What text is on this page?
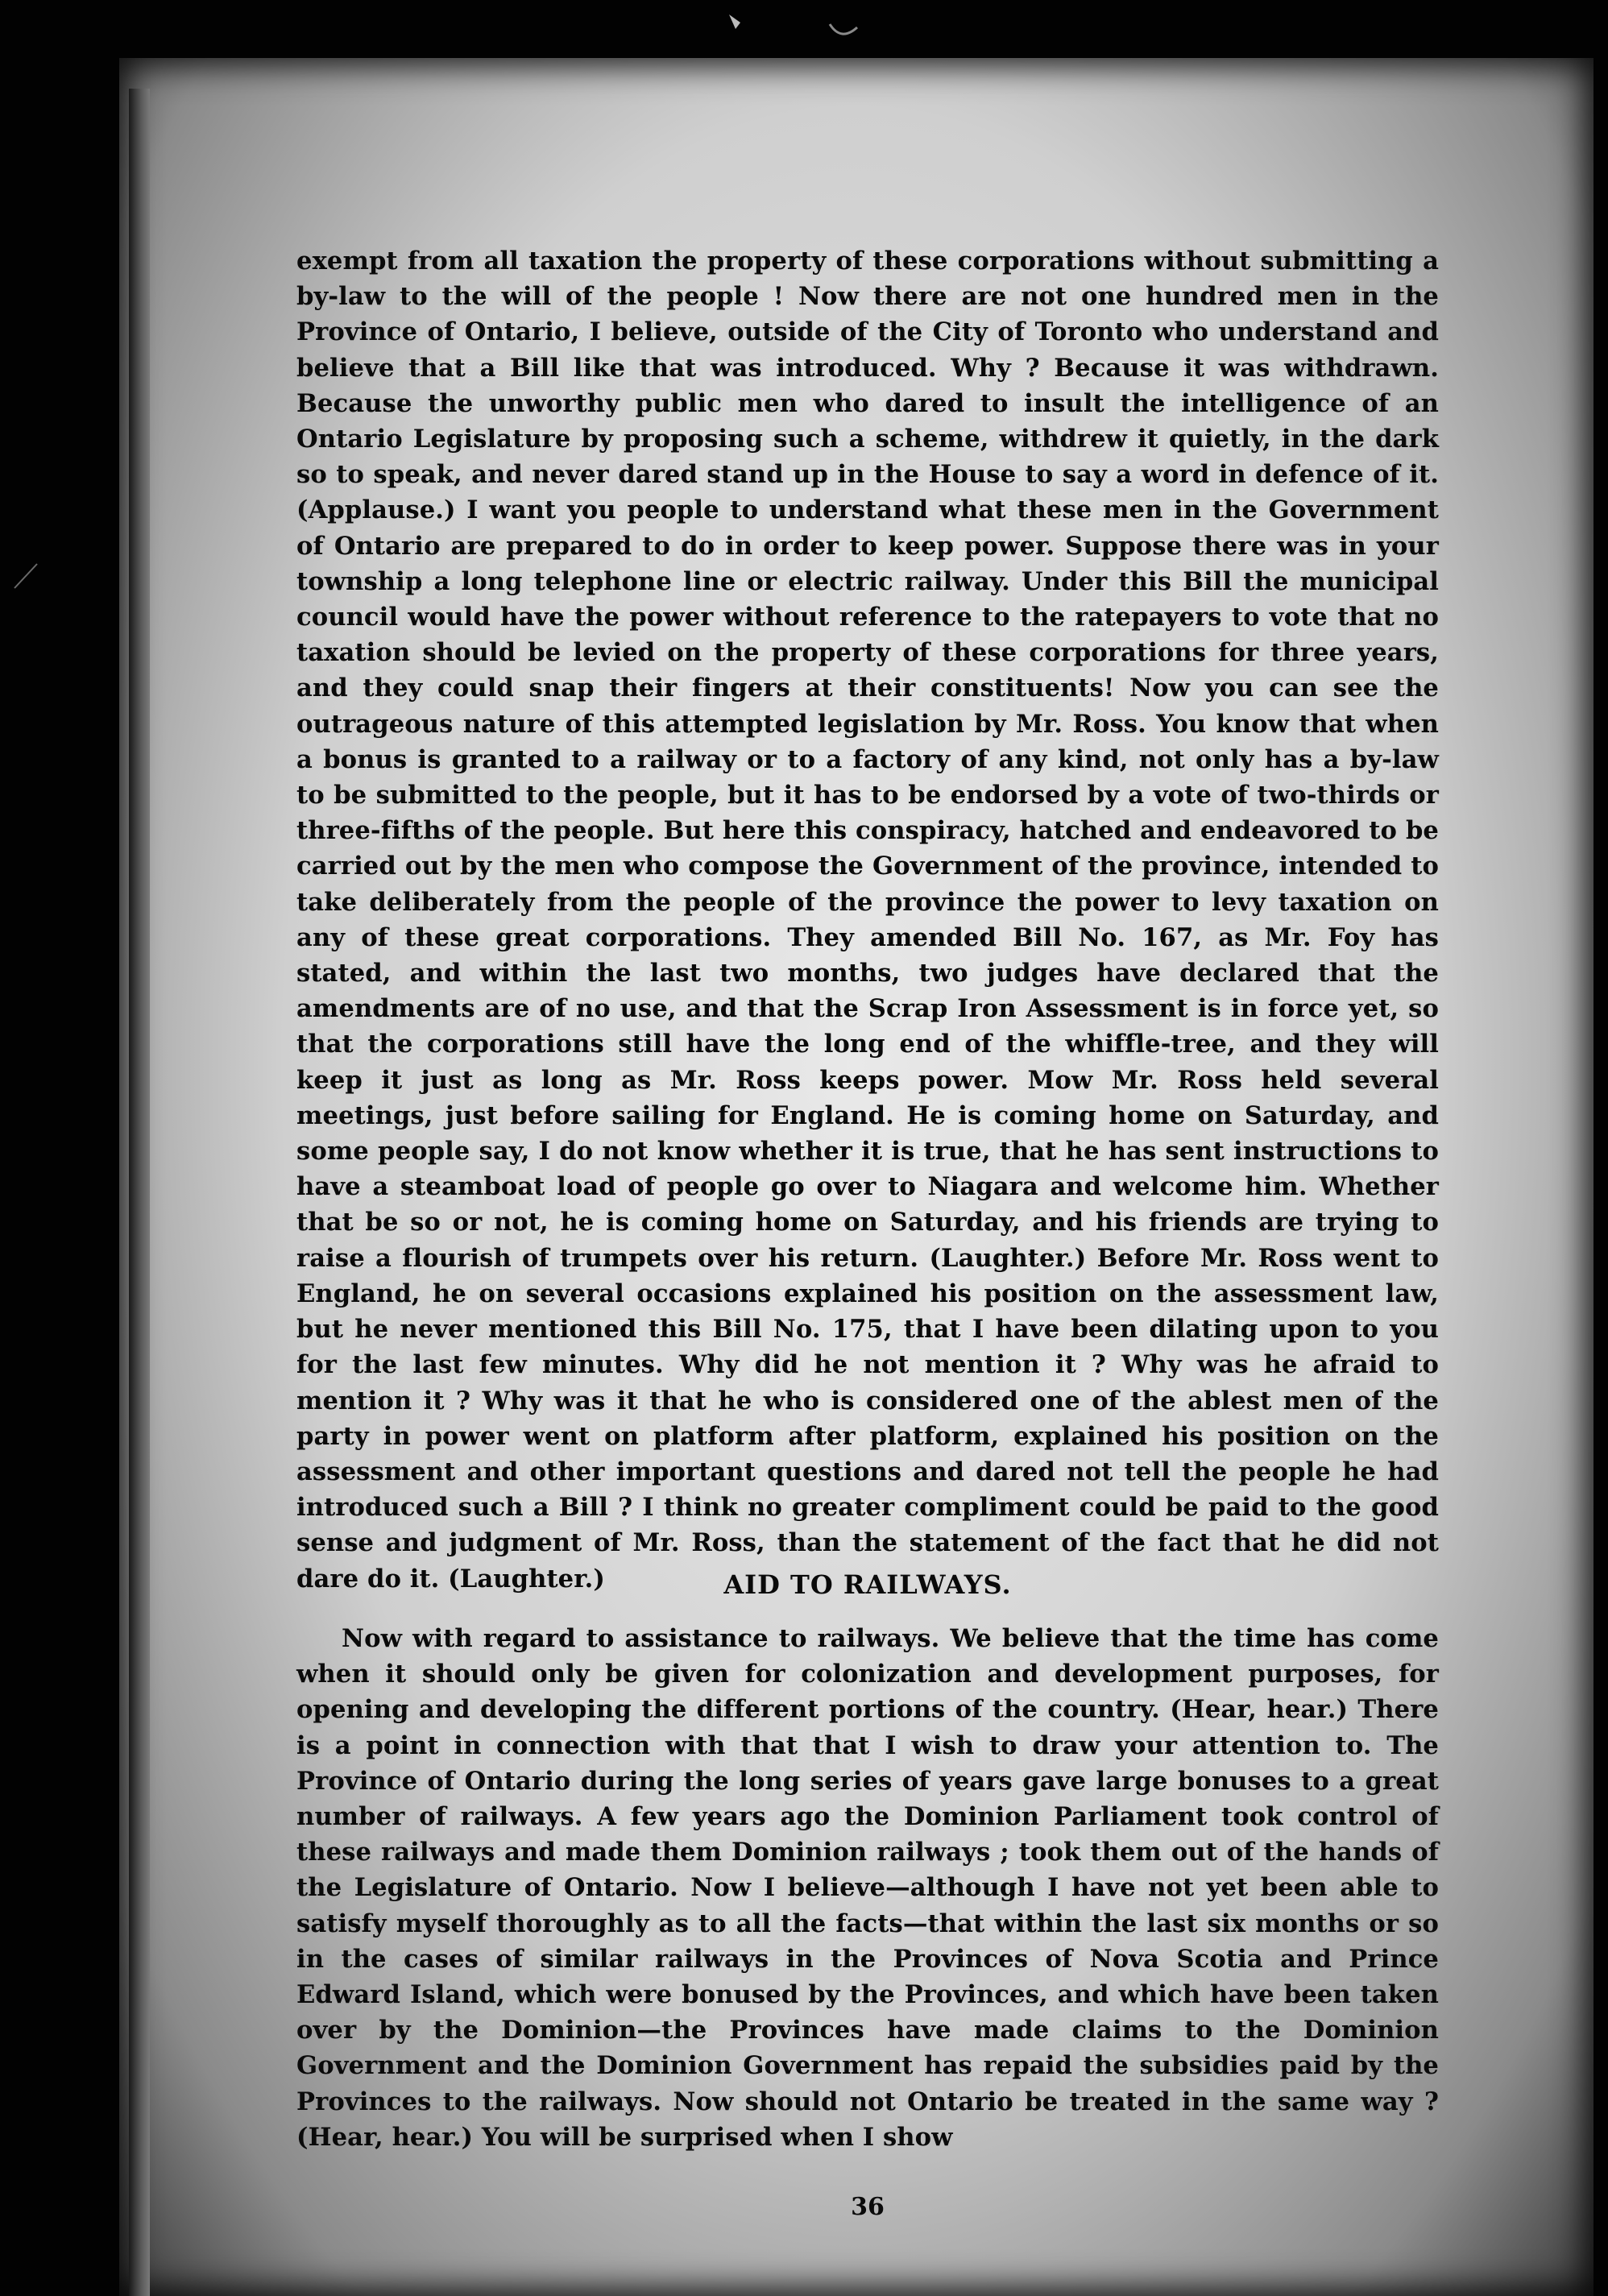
exempt from all taxation the property of these corporations without submitting a by-law to the will of the people ! Now there are not one hundred men in the Province of Ontario, I believe, outside of the City of Toronto who understand and believe that a Bill like that was introduced. Why ? Because it was withdrawn. Because the unworthy public men who dared to insult the intelligence of an Ontario Legislature by proposing such a scheme, withdrew it quietly, in the dark so to speak, and never dared stand up in the House to say a word in defence of it. (Applause.) I want you people to understand what these men in the Government of Ontario are prepared to do in order to keep power. Suppose there was in your township a long telephone line or electric railway. Under this Bill the municipal council would have the power without reference to the ratepayers to vote that no taxation should be levied on the property of these corporations for three years, and they could snap their fingers at their constituents! Now you can see the outrageous nature of this attempted legislation by Mr. Ross. You know that when a bonus is granted to a railway or to a factory of any kind, not only has a by-law to be submitted to the people, but it has to be endorsed by a vote of two-thirds or three-fifths of the people. But here this conspiracy, hatched and endeavored to be carried out by the men who compose the Government of the province, intended to take deliberately from the people of the province the power to levy taxation on any of these great corporations. They amended Bill No. 167, as Mr. Foy has stated, and within the last two months, two judges have declared that the amendments are of no use, and that the Scrap Iron Assessment is in force yet, so that the corporations still have the long end of the whiffle-tree, and they will keep it just as long as Mr. Ross keeps power. Mow Mr. Ross held several meetings, just before sailing for England. He is coming home on Saturday, and some people say, I do not know whether it is true, that he has sent instructions to have a steamboat load of people go over to Niagara and welcome him. Whether that be so or not, he is coming home on Saturday, and his friends are trying to raise a flourish of trumpets over his return. (Laughter.) Before Mr. Ross went to England, he on several occasions explained his position on the assessment law, but he never mentioned this Bill No. 175, that I have been dilating upon to you for the last few minutes. Why did he not mention it ? Why was he afraid to mention it ? Why was it that he who is considered one of the ablest men of the party in power went on platform after platform, explained his position on the assessment and other important questions and dared not tell the people he had introduced such a Bill ? I think no greater compliment could be paid to the good sense and judgment of Mr. Ross, than the statement of the fact that he did not dare do it. (Laughter.)	AID TO RAILWAYS.

Now with regard to assistance to railways. We believe that the time has come when it should only be given for colonization and development purposes, for opening and developing the different portions of the country. (Hear, hear.) There is a point in connection with that that I wish to draw your attention to. The Province of Ontario during the long series of years gave large bonuses to a great number of railways. A few years ago the Dominion Parliament took control of these railways and made them Dominion railways ; took them out of the hands of the Legislature of Ontario. Now I believe—although I have not yet been able to satisfy myself thoroughly as to all the facts—that within the last six months or so in the cases of similar railways in the Provinces of Nova Scotia and Prince Edward Island, which were bonused by the Provinces, and which have been taken over by the Dominion—the Provinces have made claims to the Dominion Government and the Dominion Government has repaid the subsidies paid by the Provinces to the railways. Now should not Ontario be treated in the same way ? (Hear, hear.) You will be surprised when I show

36
